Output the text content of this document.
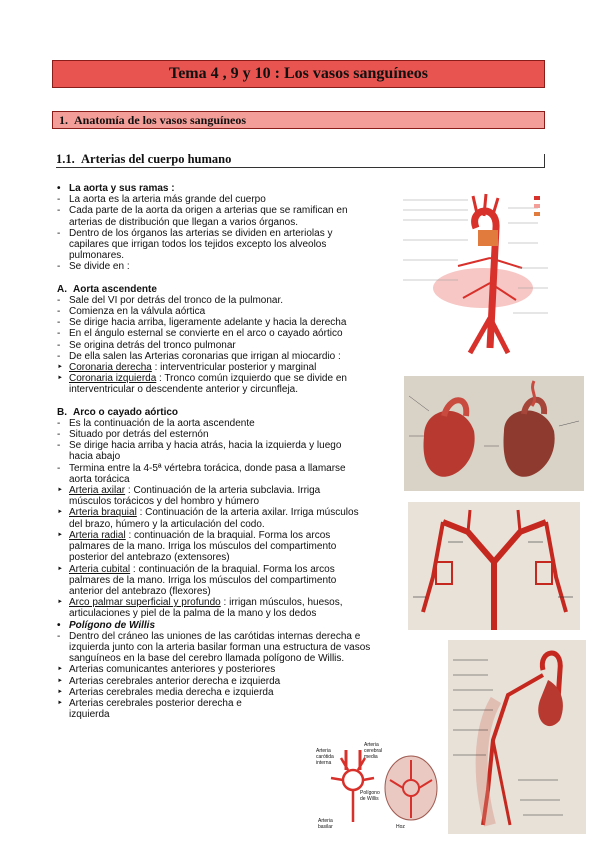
Tema 4 , 9 y 10 : Los vasos sanguíneos
1. Anatomía de los vasos sanguíneos
1.1. Arterias del cuerpo humano
• La aorta y sus ramas :
- La aorta es la arteria más grande del cuerpo
- Cada parte de la aorta da origen a arterias que se ramifican en
arterias de distribución que llegan a varios órganos.
- Dentro de los órganos las arterias se dividen en arteriolas y
capilares que irrigan todos los tejidos excepto los alveolos
pulmonares.
- Se divide en :
A. Aorta ascendente
- Sale del VI por detrás del tronco de la pulmonar.
- Comienza en la válvula aórtica
- Se dirige hacia arriba, ligeramente adelante y hacia la derecha
- En el ángulo esternal se convierte en el arco o cayado aórtico
- Se origina detrás del tronco pulmonar
- De ella salen las Arterias coronarias que irrigan al miocardio :
‣ Coronaria derecha : interventricular posterior y marginal
‣ Coronaria izquierda : Tronco común izquierdo que se divide en
interventricular o descendente anterior y circunfleja.
B. Arco o cayado aórtico
- Es la continuación de la aorta ascendente
- Situado por detrás del esternón
- Se dirige hacia arriba y hacia atrás, hacia la izquierda y luego
hacia abajo
- Termina entre la 4-5ª vértebra torácica, donde pasa a llamarse
aorta torácica
‣ Arteria axilar : Continuación de la arteria subclavia. Irriga
músculos torácicos y del hombro y húmero
‣ Arteria braquial : Continuación de la arteria axilar. Irriga músculos
del brazo, húmero y la articulación del codo.
‣ Arteria radial : continuación de la braquial. Forma los arcos
palmares de la mano. Irriga los músculos del compartimento
posterior del antebrazo (extensores)
‣ Arteria cubital : continuación de la braquial. Forma los arcos
palmares de la mano. Irriga los músculos del compartimento
anterior del antebrazo (flexores)
‣ Arco palmar superficial y profundo : irrigan músculos, huesos,
articulaciones y piel de la palma de la mano y los dedos
• Polígono de Willis
- Dentro del cráneo las uniones de las carótidas internas derecha e
izquierda junto con la arteria basilar forman una estructura de vasos
sanguíneos en la base del cerebro llamada polígono de Willis.
‣ Arterias comunicantes anteriores y posteriores
‣ Arterias cerebrales anterior derecha e izquierda
‣ Arterias cerebrales media derecha e izquierda
‣ Arterias cerebrales posterior derecha e
izquierda
Arteria carótida interna
Polígono de Willis
Arteria basilar
Arteria cerebral media
Hoz
